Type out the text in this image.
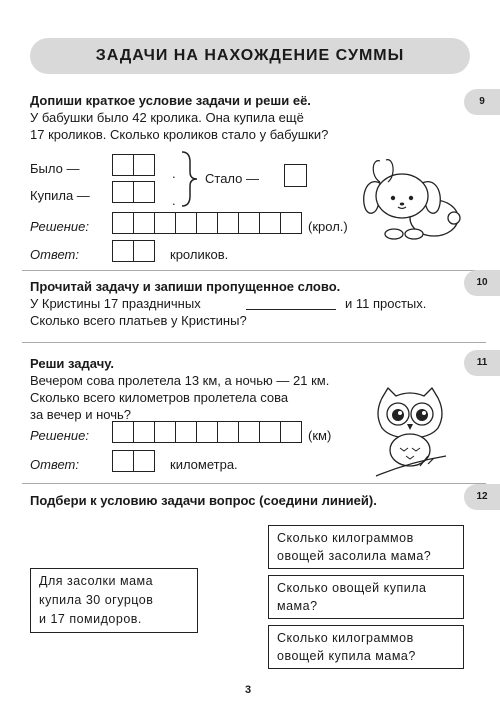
ЗАДАЧИ НА НАХОЖДЕНИЕ СУММЫ
9
Допиши краткое условие задачи и реши её.
У бабушки было 42 кролика. Она купила ещё
17 кроликов. Сколько кроликов стало у бабушки?
Было —	.
Купила —	.
Стало —
Решение:	(крол.)
Ответ:	кроликов.
10
Прочитай задачу и запиши пропущенное слово.
У Кристины 17 праздничных	и 11 простых.
Сколько всего платьев у Кристины?
11
Реши задачу.
Вечером сова пролетела 13 км, а ночью — 21 км.
Сколько всего километров пролетела сова
за вечер и ночь?
Решение:	(км)
Ответ:	километра.
12
Подбери к условию задачи вопрос (соедини линией).
Для засолки мама
купила 30 огурцов
и 17 помидоров.
Сколько килограммов
овощей засолила мама?
Сколько овощей купила
мама?
Сколько килограммов
овощей купила мама?
3
